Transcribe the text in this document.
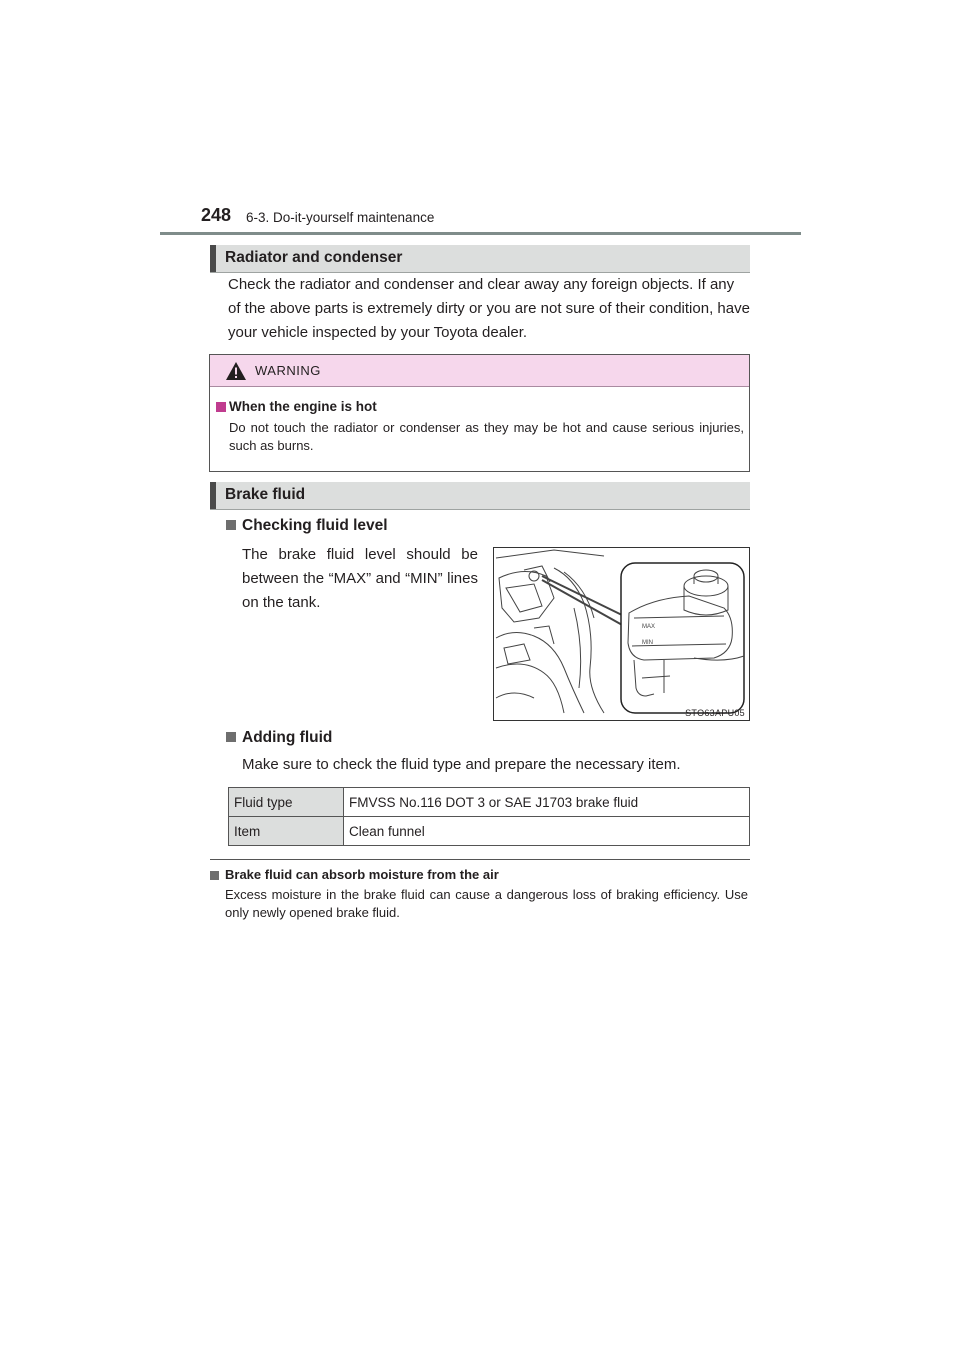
248 6-3. Do-it-yourself maintenance
Radiator and condenser
Check the radiator and condenser and clear away any foreign objects. If any of the above parts is extremely dirty or you are not sure of their condition, have your vehicle inspected by your Toyota dealer.
WARNING
When the engine is hot
Do not touch the radiator or condenser as they may be hot and cause serious injuries, such as burns.
Brake fluid
Checking fluid level
The brake fluid level should be between the “MAX” and “MIN” lines on the tank.
MAX
MIN
STO63APU05
Adding fluid
Make sure to check the fluid type and prepare the necessary item.
Fluid type	FMVSS No.116 DOT 3 or SAE J1703 brake fluid
Item	Clean funnel
Brake fluid can absorb moisture from the air
Excess moisture in the brake fluid can cause a dangerous loss of braking efficiency. Use only newly opened brake fluid.
